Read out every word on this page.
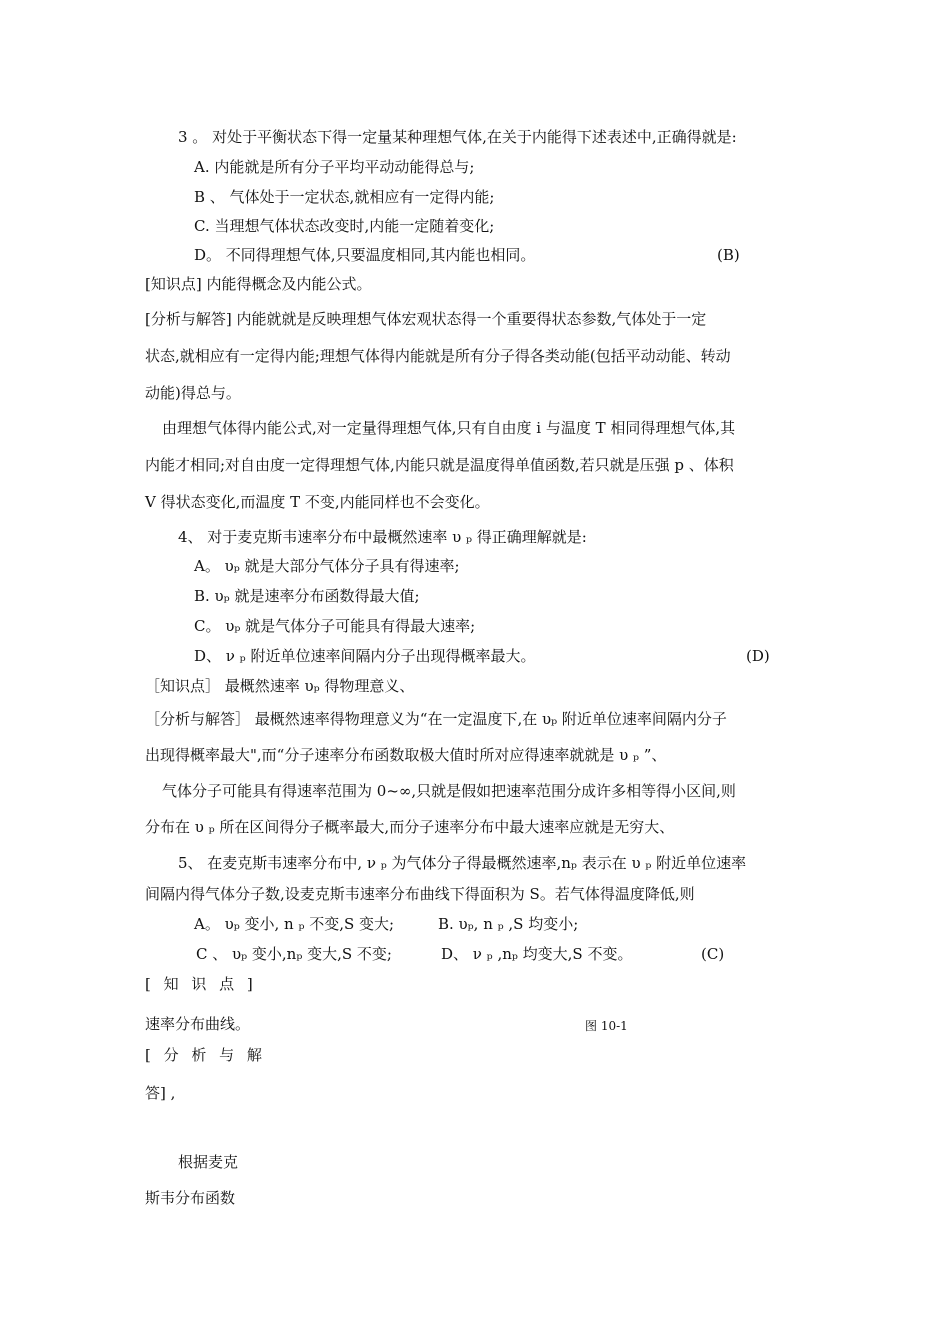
3 。 对处于平衡状态下得一定量某种理想气体,在关于内能得下述表述中,正确得就是:
A. 内能就是所有分子平均平动动能得总与;
B 、 气体处于一定状态,就相应有一定得内能;
C. 当理想气体状态改变时,内能一定随着变化;
D。 不同得理想气体,只要温度相同,其内能也相同。	(B)
[知识点] 内能得概念及内能公式。
[分析与解答] 内能就就是反映理想气体宏观状态得一个重要得状态参数,气体处于一定
状态,就相应有一定得内能;理想气体得内能就是所有分子得各类动能(包括平动动能、转动
动能)得总与。
由理想气体得内能公式,对一定量得理想气体,只有自由度 i 与温度 T 相同得理想气体,其
内能才相同;对自由度一定得理想气体,内能只就是温度得单值函数,若只就是压强 p 、体积
V 得状态变化,而温度 T 不变,内能同样也不会变化。
4、 对于麦克斯韦速率分布中最概然速率 υ ₚ 得正确理解就是:
A。 υₚ 就是大部分气体分子具有得速率;
B. υₚ 就是速率分布函数得最大值;
C。 υₚ 就是气体分子可能具有得最大速率;
D、 ν ₚ 附近单位速率间隔内分子出现得概率最大。	(D)
［知识点］ 最概然速率 υₚ 得物理意义、
［分析与解答］ 最概然速率得物理意义为“在一定温度下,在 υₚ 附近单位速率间隔内分子
出现得概率最大",而“分子速率分布函数取极大值时所对应得速率就就是 υ ₚ ”、
气体分子可能具有得速率范围为 0~∞,只就是假如把速率范围分成许多相等得小区间,则
分布在 υ ₚ 所在区间得分子概率最大,而分子速率分布中最大速率应就是无穷大、
5、 在麦克斯韦速率分布中, ν ₚ 为气体分子得最概然速率,nₚ 表示在 υ ₚ 附近单位速率
间隔内得气体分子数,设麦克斯韦速率分布曲线下得面积为 S。若气体得温度降低,则
A。 υₚ 变小, n ₚ 不变,S 变大;	B. υₚ, n ₚ ,S 均变小;
C 、 υₚ 变小,nₚ 变大,S 不变;	D、 ν ₚ ,nₚ 均变大,S 不变。	(C)
[ 知 识 点 ]
速率分布曲线。	图 10-1
[ 分 析 与 解
答] ,
根据麦克
斯韦分布函数
